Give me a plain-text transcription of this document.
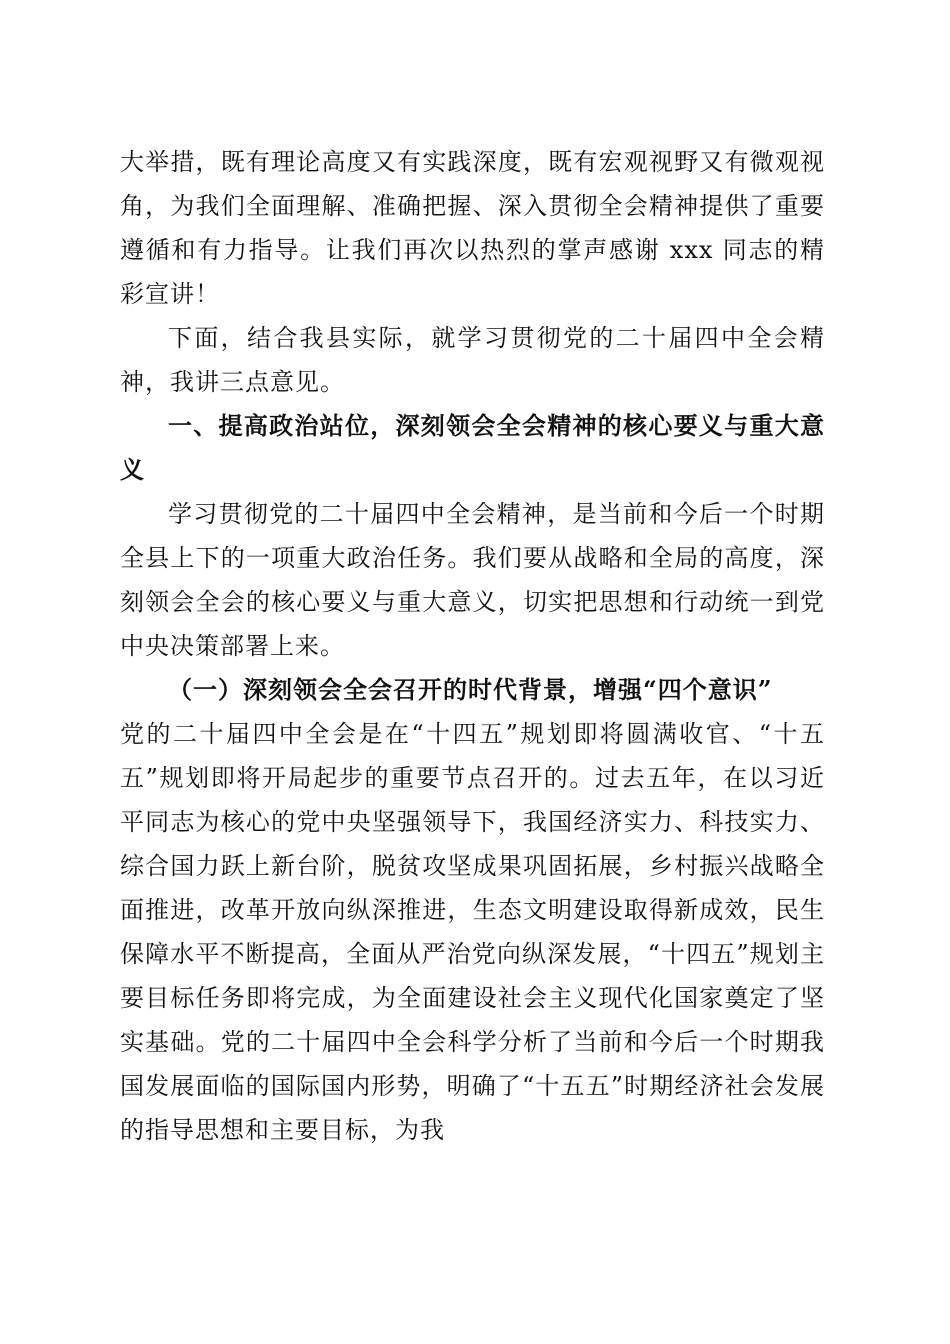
大举措，既有理论高度又有实践深度，既有宏观视野又有微观视角，为我们全面理解、准确把握、深入贯彻全会精神提供了重要遵循和有力指导。让我们再次以热烈的掌声感谢 xxx 同志的精彩宣讲！

下面，结合我县实际，就学习贯彻党的二十届四中全会精神，我讲三点意见。

一、提高政治站位，深刻领会全会精神的核心要义与重大意义

学习贯彻党的二十届四中全会精神，是当前和今后一个时期全县上下的一项重大政治任务。我们要从战略和全局的高度，深刻领会全会的核心要义与重大意义，切实把思想和行动统一到党中央决策部署上来。

（一）深刻领会全会召开的时代背景，增强“四个意识”

党的二十届四中全会是在“十四五”规划即将圆满收官、“十五五”规划即将开局起步的重要节点召开的。过去五年，在以习近平同志为核心的党中央坚强领导下，我国经济实力、科技实力、综合国力跃上新台阶，脱贫攻坚成果巩固拓展，乡村振兴战略全面推进，改革开放向纵深推进，生态文明建设取得新成效，民生保障水平不断提高，全面从严治党向纵深发展，“十四五”规划主要目标任务即将完成，为全面建设社会主义现代化国家奠定了坚实基础。党的二十届四中全会科学分析了当前和今后一个时期我国发展面临的国际国内形势，明确了“十五五”时期经济社会发展的指导思想和主要目标，为我
